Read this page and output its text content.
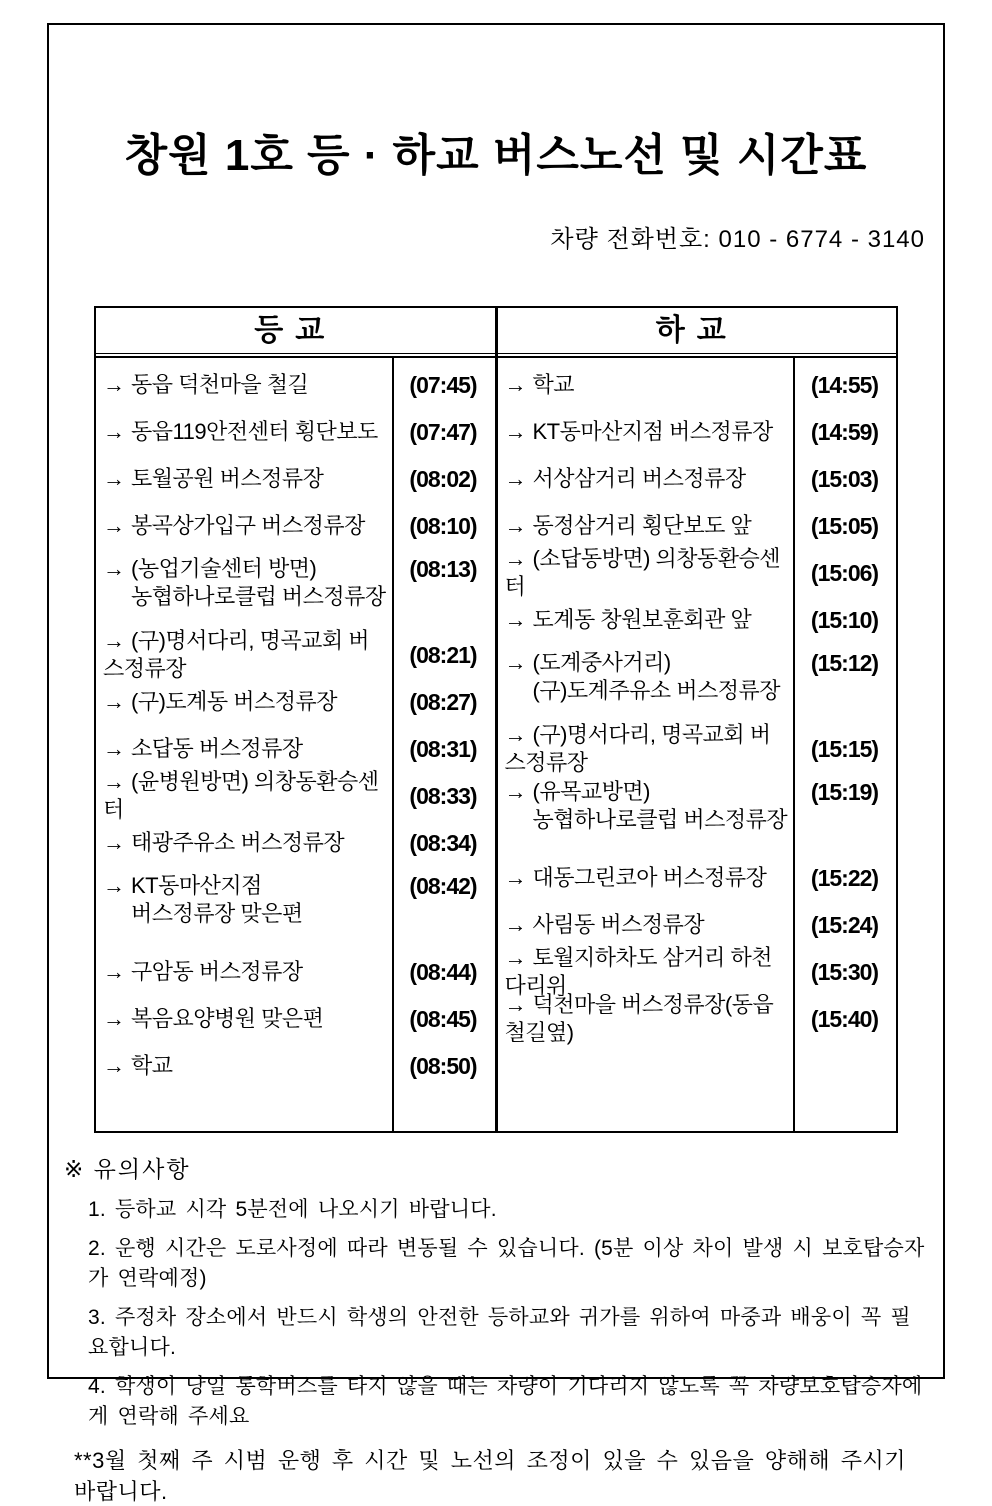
창원 1호 등 · 하교 버스노선 및 시간표
차량 전화번호: 010 - 6774 - 3140
등교
→ 동읍 덕천마을 철길	(07:45)
→ 동읍119안전센터 횡단보도	(07:47)
→ 토월공원 버스정류장	(08:02)
→ 봉곡상가입구 버스정류장	(08:10)
→ (농업기술센터 방면)
농협하나로클럽 버스정류장
(08:13)
→ (구)명서다리, 명곡교회 버스정류장
(08:21)
→ (구)도계동 버스정류장	(08:27)
→ 소답동 버스정류장	(08:31)
→ (윤병원방면) 의창동환승센터
(08:33)
→ 태광주유소 버스정류장	(08:34)
→ KT동마산지점
버스정류장 맞은편
(08:42)
→ 구암동 버스정류장	(08:44)
→ 복음요양병원 맞은편	(08:45)
→ 학교	(08:50)
하교
→ 학교	(14:55)
→ KT동마산지점 버스정류장	(14:59)
→ 서상삼거리 버스정류장	(15:03)
→ 동정삼거리 횡단보도 앞	(15:05)
→ (소답동방면) 의창동환승센터
(15:06)
→ 도계동 창원보훈회관 앞	(15:10)
→ (도계중사거리)
(구)도계주유소 버스정류장
(15:12)
→ (구)명서다리, 명곡교회 버스정류장
(15:15)
→ (유목교방면)
농협하나로클럽 버스정류장
(15:19)
→ 대동그린코아 버스정류장	(15:22)
→ 사림동 버스정류장	(15:24)
→ 토월지하차도 삼거리 하천다리위
(15:30)
→ 덕천마을 버스정류장(동읍철길옆)
(15:40)
※ 유의사항
1. 등하교 시각 5분전에 나오시기 바랍니다.
2. 운행 시간은 도로사정에 따라 변동될 수 있습니다. (5분 이상 차이 발생 시 보호탑승자가 연락예정)
3. 주정차 장소에서 반드시 학생의 안전한 등하교와 귀가를 위하여 마중과 배웅이 꼭 필요합니다.
4. 학생이 당일 통학버스를 타지 않을 때는 차량이 기다리지 않도록 꼭 차량보호탑승자에게 연락해 주세요
**3월 첫째 주 시범 운행 후 시간 및 노선의 조정이 있을 수 있음을 양해해 주시기 바랍니다.
